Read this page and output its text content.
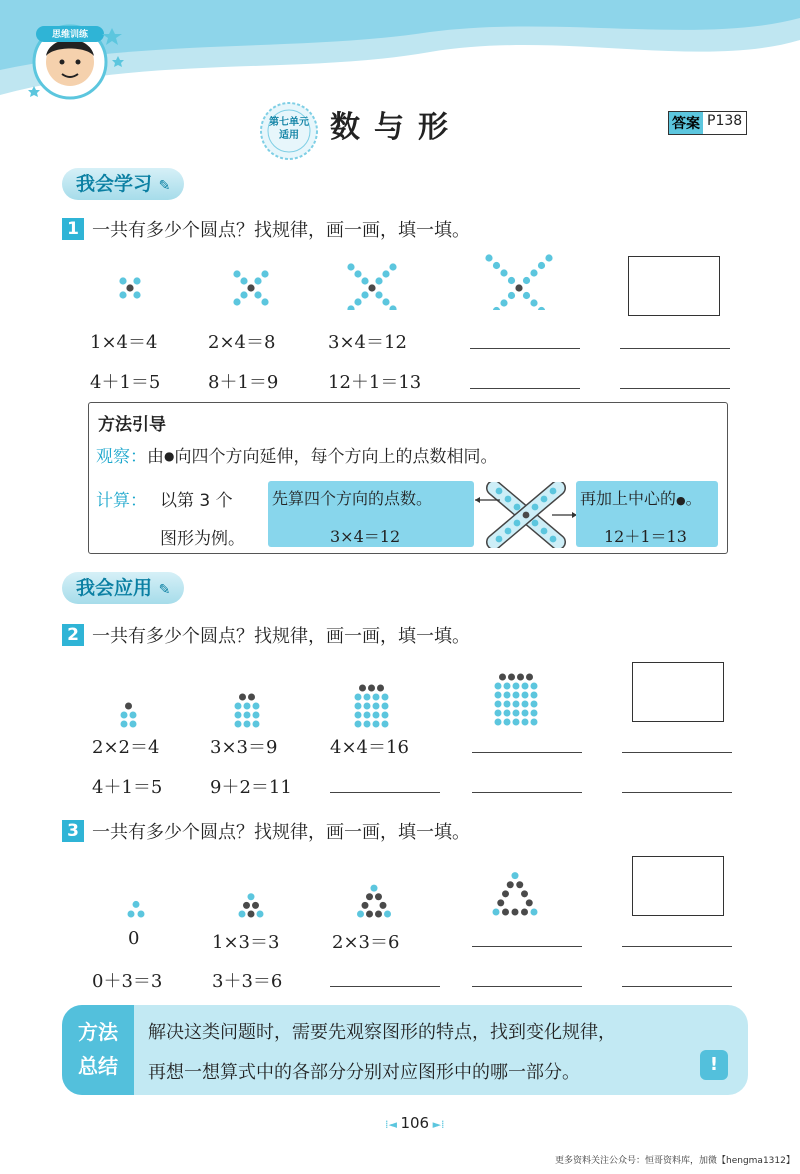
思维训练
第七单元适用	数与形	答案 P138
我会学习 ✎
1 一共有多少个圆点？找规律，画一画，填一填。
1×4＝4	2×4＝8	3×4＝12
4＋1＝5	8＋1＝9	12＋1＝13
方法引导
观察：由●向四个方向延伸，每个方向上的点数相同。
计算： 以第 3 个
图形为例。
先算四个方向的点数。
3×4＝12
再加上中心的●。
12＋1＝13
我会应用 ✎
2 一共有多少个圆点？找规律，画一画，填一填。
2×2＝4	3×3＝9	4×4＝16
4＋1＝5	9＋2＝11
3 一共有多少个圆点？找规律，画一画，填一填。
0	1×3＝3	2×3＝6
0＋3＝3	3＋3＝6
方法
总结
解决这类问题时，需要先观察图形的特点，找到变化规律，
再想一想算式中的各部分分别对应图形中的哪一部分。	!
⁞◄ 106 ►⁞
更多资料关注公众号：恒哥资料库，加微【hengma1312】
